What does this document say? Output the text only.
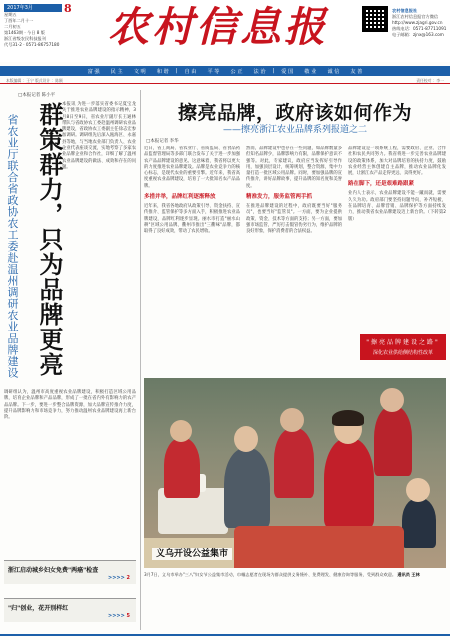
2017年3月
星期五
丁酉年二月十一
二月初五
第1463期 · 今日 8 版
浙江省级农民科技报刊
代号31-2 · 0571-86757180
8 农村信息报	农村信息报社
浙江农村信息报官方微信
http://www.zjagri.gov.cn
热线电话：0571-87711091
电子邮箱：zjnx@163.com
富 强	民 主	文 明	和 谐	|	自 由	平 等	公 正	法 治	|	爱 国	敬 业	诚 信	友 善
本版编辑 ：王宁 版式设计 ：陈颖	责任校对 ：李一
□本报记者 陈小平
省农业厅联合省政协农工委赴温州调研农业品牌建设 群策群力，只为品牌更亮
本报讯 为进一步落实省委书记夏宝龙关于推进农业品牌建设的指示精神，3月8日至9日，省农业厅副厅长王通林带队与省政协农工委赴温州调研农业品牌建设，省政协农工委副主任徐志宏参加调研。调研组先后深入瓯海区、永嘉县等地，与当地农业部门负责人、农业企业代表座谈交流，实地考察了多家农业品牌企业和合作社，详细了解了温州农业品牌建设的做法、成效和存在的问题。
调研组认为，温州市高度重视农业品牌建设，积极打造区域公用品牌，培育企业品牌和产品品牌，形成了一批在省内外有影响力的农产品品牌。下一步，要进一步整合品牌资源，加大品牌宣传推介力度，提升品牌影响力和市场竞争力，努力推动温州农业品牌建设再上新台阶。
浙江启动城乡妇女免费"两癌"检查
>>>> 2
"归"创业，花开别样红
>>>> 5
擦亮品牌，政府该如何作为
——擦亮浙江农业品牌系列报道之二
□本报记者 李华

近日，省工商局、省农业厅、省质监局、省食品药品监督管理局等多部门联合发布了关于进一步加强农产品品牌建设的意见。这意味着，我省将以更大的力度推进农业品牌建设。品牌是农业竞争力的核心标志，是现代农业的重要引擎。近年来，我省高度重视农业品牌建设，培育了一大批知名农产品品牌。

多措并举，品牌红利逐渐释放

近年来，我省各地政府从政策引导、资金扶持、宣传推介、监管保护等多方面入手，积极推进农业品牌建设，品牌红利逐步显现。丽水市打造"丽水山耕"区域公用品牌，衢州市推出"三衢味"品牌，都取得了良好成效，带动了农民增收。

然而，品牌建设中也存在一些问题，如品牌数量多但知名品牌少，品牌影响力有限，品牌保护意识不强等。对此，专家建议，政府应当发挥好引导作用，加强顶层设计，统筹规划，整合资源，集中力量打造一批区域公用品牌。同时，要加强品牌的宣传推介，讲好品牌故事，提升品牌的知名度和美誉度。

精准发力，服务监管两手抓

在推进品牌建设的过程中，政府既要当好"服务员"，也要当好"监管员"。一方面，要为企业提供政策、资金、技术等方面的支持；另一方面，要加强市场监管，严厉打击假冒伪劣行为，维护品牌的良好形象，保护消费者的合法权益。

品牌建设是一项系统工程，需要政府、企业、合作社和农民共同努力。我省将进一步完善农业品牌建设的政策体系，加大对品牌培育的扶持力度，鼓励农业经营主体创建自主品牌，推动农业品牌化发展，让浙江农产品走得更远、卖得更好。

路在脚下，还是艰难路跟紧

业内人士表示，农业品牌建设不能一蹴而就，需要久久为功。政府部门要坚持问题导向，补齐短板，在品牌培育、品牌营销、品牌保护等方面持续发力，推动我省农业品牌建设迈上新台阶。（下转第2版）

"擦亮品牌建设之路"
深化农业供给侧结构性改革
义乌开设公益集市
3月7日，义乌市举办"三八"妇女节公益集市活动，巾帼志愿者在现场为群众提供义务缝补、免费理发、健康咨询等服务，受到群众欢迎。 通讯员 王林
